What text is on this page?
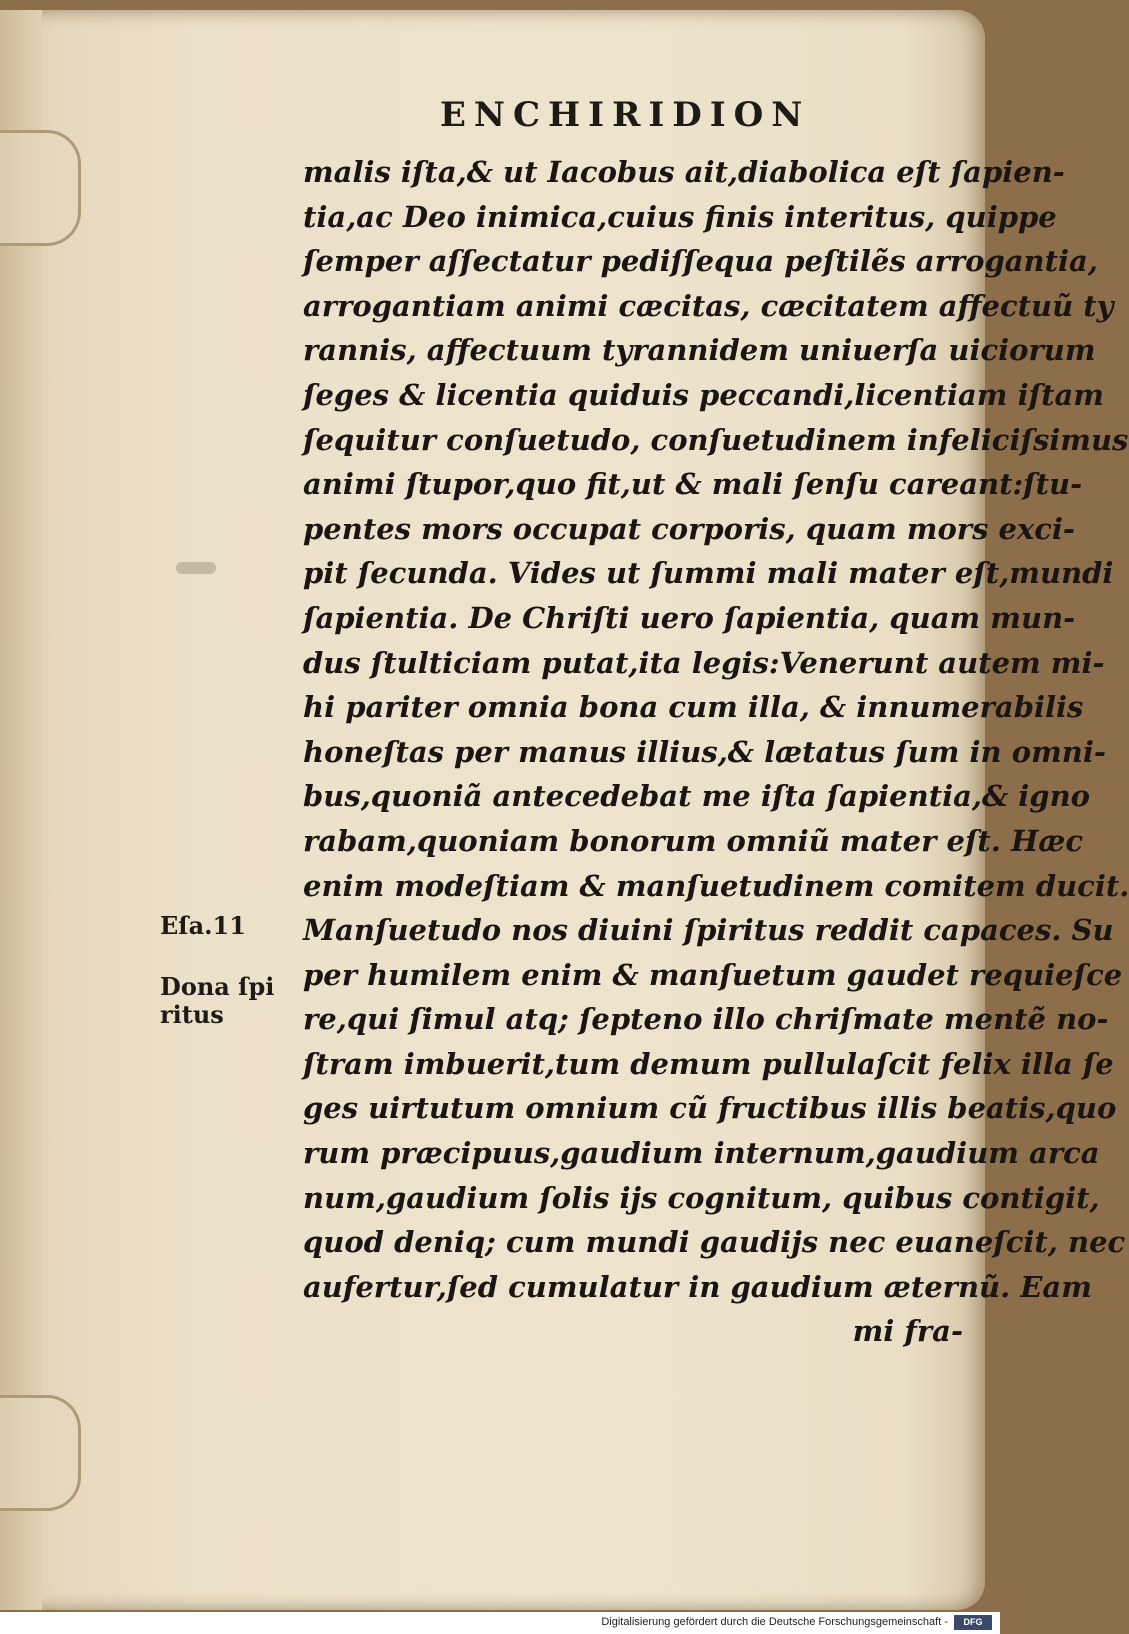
ENCHIRIDION
malis iſta,& ut Iacobus ait,diabolica eſt ſapien-
tia,ac Deo inimica,cuius finis interitus, quippe
ſemper aſſectatur pediſſequa peſtilẽs arrogantia,
arrogantiam animi cæcitas, cæcitatem affectuũ ty
rannis, affectuum tyrannidem uniuerſa uiciorum
ſeges & licentia quiduis peccandi,licentiam iſtam
ſequitur conſuetudo, conſuetudinem infeliciſsimus
animi ſtupor,quo fit,ut & mali ſenſu careant:ſtu-
pentes mors occupat corporis, quam mors exci-
pit ſecunda. Vides ut ſummi mali mater eſt,mundi
ſapientia. De Chriſti uero ſapientia, quam mun-
dus ſtulticiam putat,ita legis:Venerunt autem mi-
hi pariter omnia bona cum illa, & innumerabilis
honeſtas per manus illius,& lætatus ſum in omni-
bus,quoniã antecedebat me iſta ſapientia,& igno
rabam,quoniam bonorum omniũ mater eſt. Hæc
enim modeſtiam & manſuetudinem comitem ducit.
Manſuetudo nos diuini ſpiritus reddit capaces. Su
per humilem enim & manſuetum gaudet requieſce
re,qui ſimul atq; ſepteno illo chriſmate mentẽ no-
ſtram imbuerit,tum demum pullulaſcit felix illa ſe
ges uirtutum omnium cũ fructibus illis beatis,quo
rum præcipuus,gaudium internum,gaudium arca
num,gaudium ſolis ijs cognitum, quibus contigit,
quod deniq; cum mundi gaudijs nec euaneſcit, nec
aufertur,ſed cumulatur in gaudium æternũ. Eam
mi fra-
Eſa.11
Dona ſpi ritus
Digitalisierung gefördert durch die Deutsche Forschungsgemeinschaft -	DFG
